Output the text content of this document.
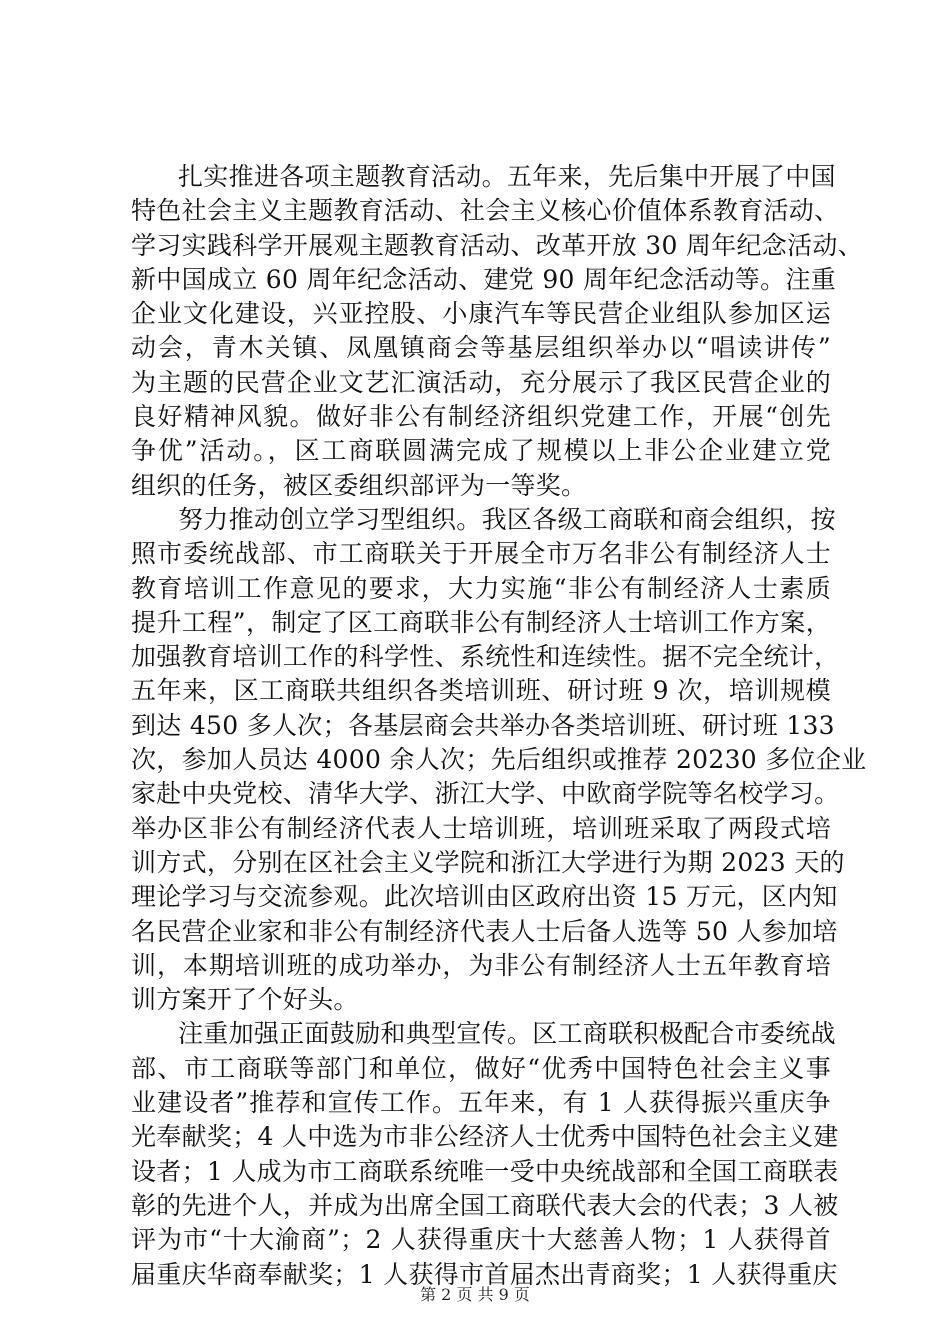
扎实推进各项主题教育活动。五年来，先后集中开展了中国
特色社会主义主题教育活动、社会主义核心价值体系教育活动、
学习实践科学开展观主题教育活动、改革开放 30 周年纪念活动、
新中国成立 60 周年纪念活动、建党 90 周年纪念活动等。注重
企业文化建设，兴亚控股、小康汽车等民营企业组队参加区运
动会，青木关镇、凤凰镇商会等基层组织举办以“唱读讲传”
为主题的民营企业文艺汇演活动，充分展示了我区民营企业的
良好精神风貌。做好非公有制经济组织党建工作，开展“创先
争优”活动。，区工商联圆满完成了规模以上非公企业建立党
组织的任务，被区委组织部评为一等奖。
努力推动创立学习型组织。我区各级工商联和商会组织，按
照市委统战部、市工商联关于开展全市万名非公有制经济人士
教育培训工作意见的要求，大力实施“非公有制经济人士素质
提升工程”，制定了区工商联非公有制经济人士培训工作方案，
加强教育培训工作的科学性、系统性和连续性。据不完全统计，
五年来，区工商联共组织各类培训班、研讨班 9 次，培训规模
到达 450 多人次；各基层商会共举办各类培训班、研讨班 133
次，参加人员达 4000 余人次；先后组织或推荐 20230 多位企业
家赴中央党校、清华大学、浙江大学、中欧商学院等名校学习。
举办区非公有制经济代表人士培训班，培训班采取了两段式培
训方式，分别在区社会主义学院和浙江大学进行为期 2023 天的
理论学习与交流参观。此次培训由区政府出资 15 万元，区内知
名民营企业家和非公有制经济代表人士后备人选等 50 人参加培
训，本期培训班的成功举办，为非公有制经济人士五年教育培
训方案开了个好头。
注重加强正面鼓励和典型宣传。区工商联积极配合市委统战
部、市工商联等部门和单位，做好“优秀中国特色社会主义事
业建设者”推荐和宣传工作。五年来，有 1 人获得振兴重庆争
光奉献奖；4 人中选为市非公经济人士优秀中国特色社会主义建
设者；1 人成为市工商联系统唯一受中央统战部和全国工商联表
彰的先进个人，并成为出席全国工商联代表大会的代表；3 人被
评为市“十大渝商”；2 人获得重庆十大慈善人物；1 人获得首
届重庆华商奉献奖；1 人获得市首届杰出青商奖；1 人获得重庆
第 2 页 共 9 页
